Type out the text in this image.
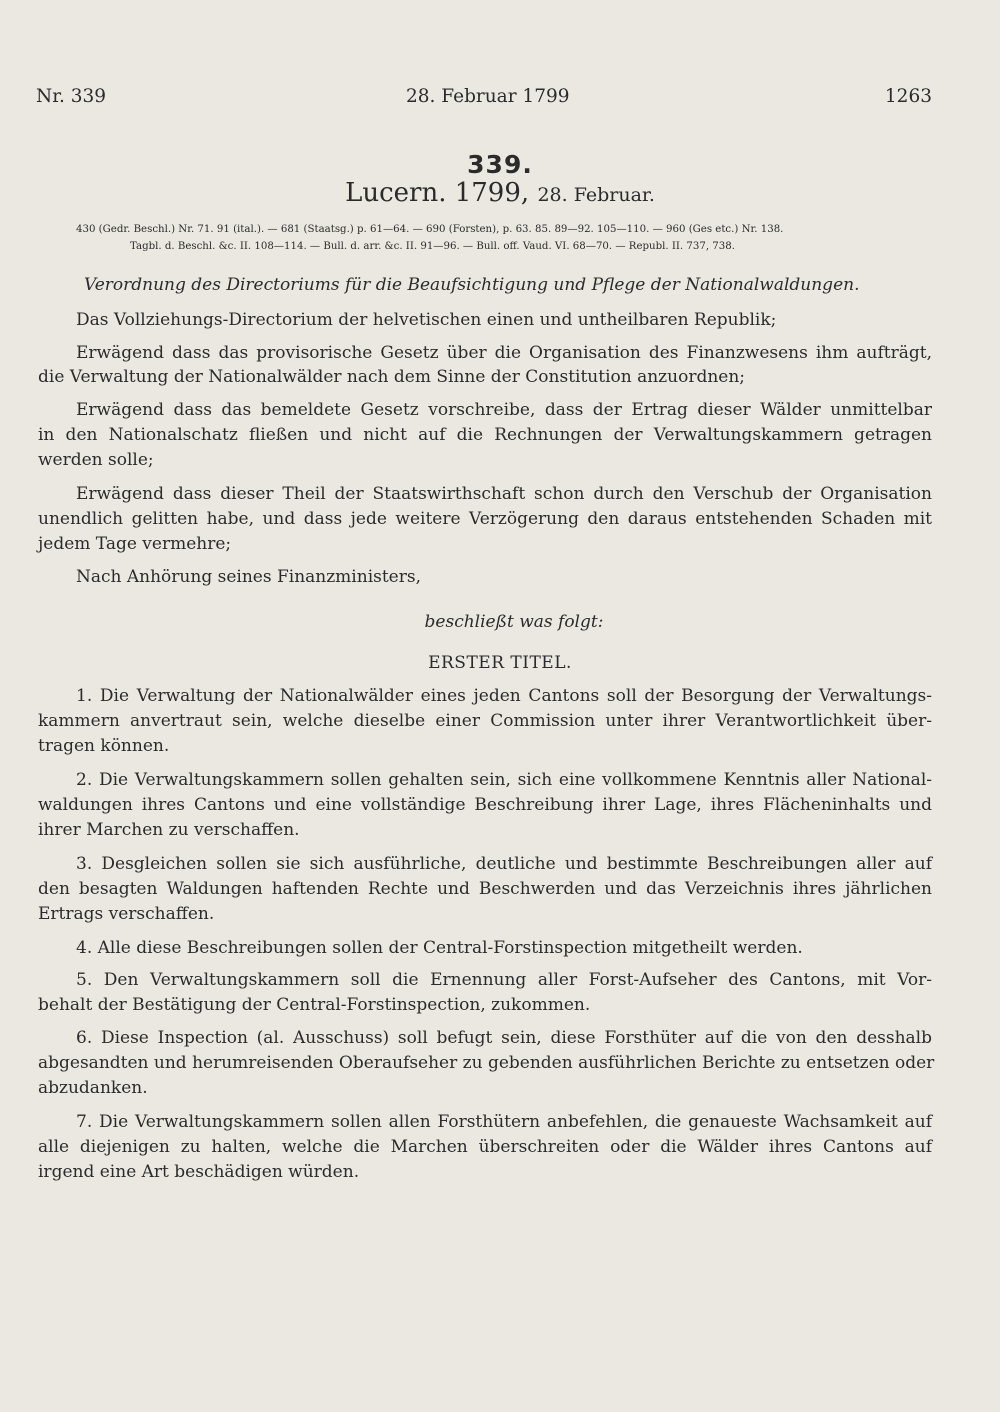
Nr. 339	28. Februar 1799	1263
339.
Lucern. 1799, 28. Februar.
430 (Gedr. Beschl.) Nr. 71. 91 (ital.). — 681 (Staatsg.) p. 61—64. — 690 (Forsten), p. 63. 85. 89—92. 105—110. — 960 (Ges etc.) Nr. 138.
Tagbl. d. Beschl. &c. II. 108—114. — Bull. d. arr. &c. II. 91—96. — Bull. off. Vaud. VI. 68—70. — Republ. II. 737, 738.
Verordnung des Directoriums für die Beaufsichtigung und Pflege der Nationalwaldungen.
Das Vollziehungs-Directorium der helvetischen einen und untheilbaren Republik;
Erwägend dass das provisorische Gesetz über die Organisation des Finanzwesens ihm aufträgt,
die Verwaltung der Nationalwälder nach dem Sinne der Constitution anzuordnen;
Erwägend dass das bemeldete Gesetz vorschreibe, dass der Ertrag dieser Wälder unmittelbar
in den Nationalschatz fließen und nicht auf die Rechnungen der Verwaltungskammern getragen
werden solle;
Erwägend dass dieser Theil der Staatswirthschaft schon durch den Verschub der Organisation
unendlich gelitten habe, und dass jede weitere Verzögerung den daraus entstehenden Schaden mit
jedem Tage vermehre;
Nach Anhörung seines Finanzministers,
beschließt was folgt:
ERSTER TITEL.
1. Die Verwaltung der Nationalwälder eines jeden Cantons soll der Besorgung der Verwaltungs-
kammern anvertraut sein, welche dieselbe einer Commission unter ihrer Verantwortlichkeit über-
tragen können.
2. Die Verwaltungskammern sollen gehalten sein, sich eine vollkommene Kenntnis aller National-
waldungen ihres Cantons und eine vollständige Beschreibung ihrer Lage, ihres Flächeninhalts und
ihrer Marchen zu verschaffen.
3. Desgleichen sollen sie sich ausführliche, deutliche und bestimmte Beschreibungen aller auf
den besagten Waldungen haftenden Rechte und Beschwerden und das Verzeichnis ihres jährlichen
Ertrags verschaffen.
4. Alle diese Beschreibungen sollen der Central-Forstinspection mitgetheilt werden.
5. Den Verwaltungskammern soll die Ernennung aller Forst-Aufseher des Cantons, mit Vor-
behalt der Bestätigung der Central-Forstinspection, zukommen.
6. Diese Inspection (al. Ausschuss) soll befugt sein, diese Forsthüter auf die von den desshalb
abgesandten und herumreisenden Oberaufseher zu gebenden ausführlichen Berichte zu entsetzen oder
abzudanken.
7. Die Verwaltungskammern sollen allen Forsthütern anbefehlen, die genaueste Wachsamkeit auf
alle diejenigen zu halten, welche die Marchen überschreiten oder die Wälder ihres Cantons auf
irgend eine Art beschädigen würden.
